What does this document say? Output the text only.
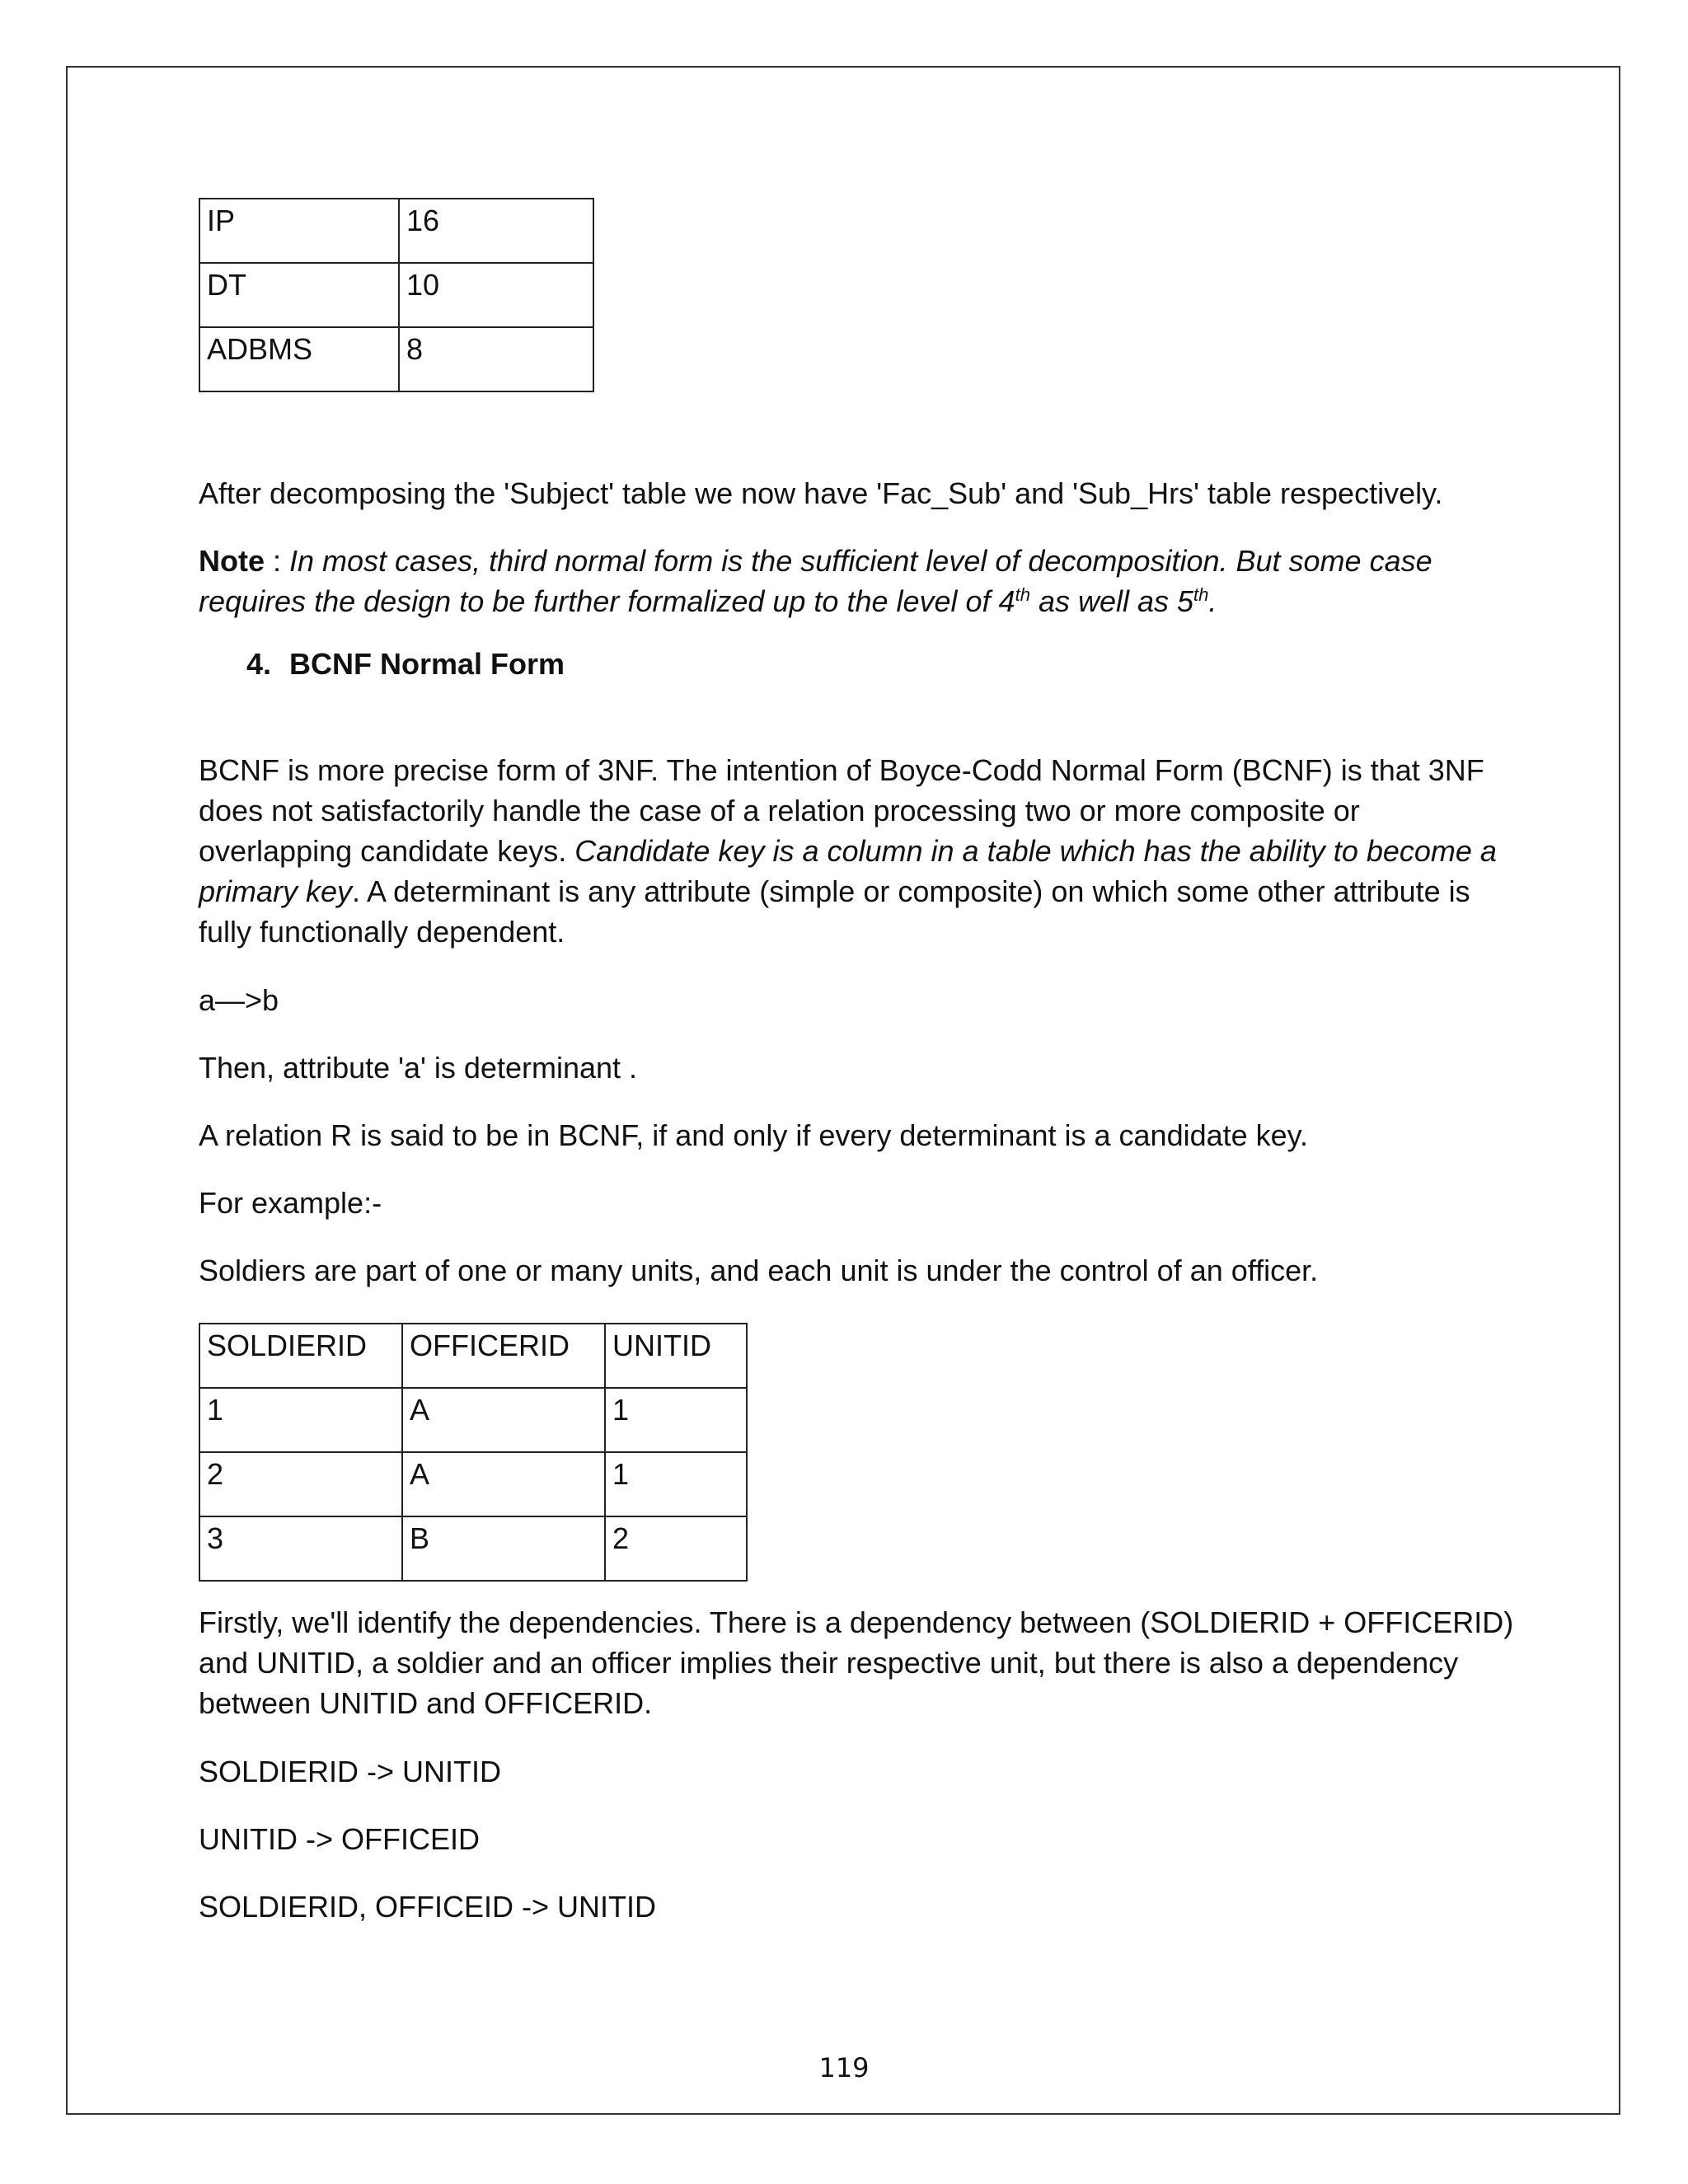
IP	16
DT	10
ADBMS	8

After decomposing the 'Subject' table we now have 'Fac_Sub' and 'Sub_Hrs' table respectively.

Note : In most cases, third normal form is the sufficient level of decomposition. But some case requires the design to be further formalized up to the level of 4th as well as 5th.

4. BCNF Normal Form

BCNF is more precise form of 3NF. The intention of Boyce-Codd Normal Form (BCNF) is that 3NF does not satisfactorily handle the case of a relation processing two or more composite or overlapping candidate keys. Candidate key is a column in a table which has the ability to become a primary key. A determinant is any attribute (simple or composite) on which some other attribute is fully functionally dependent.

a—>b

Then, attribute 'a' is determinant .

A relation R is said to be in BCNF, if and only if every determinant is a candidate key.

For example:-

Soldiers are part of one or many units, and each unit is under the control of an officer.

SOLDIERID	OFFICERID	UNITID
1	A	1
2	A	1
3	B	2

Firstly, we'll identify the dependencies. There is a dependency between (SOLDIERID + OFFICERID) and UNITID, a soldier and an officer implies their respective unit, but there is also a dependency between UNITID and OFFICERID.

SOLDIERID -> UNITID

UNITID -> OFFICEID

SOLDIERID, OFFICEID -> UNITID

119
